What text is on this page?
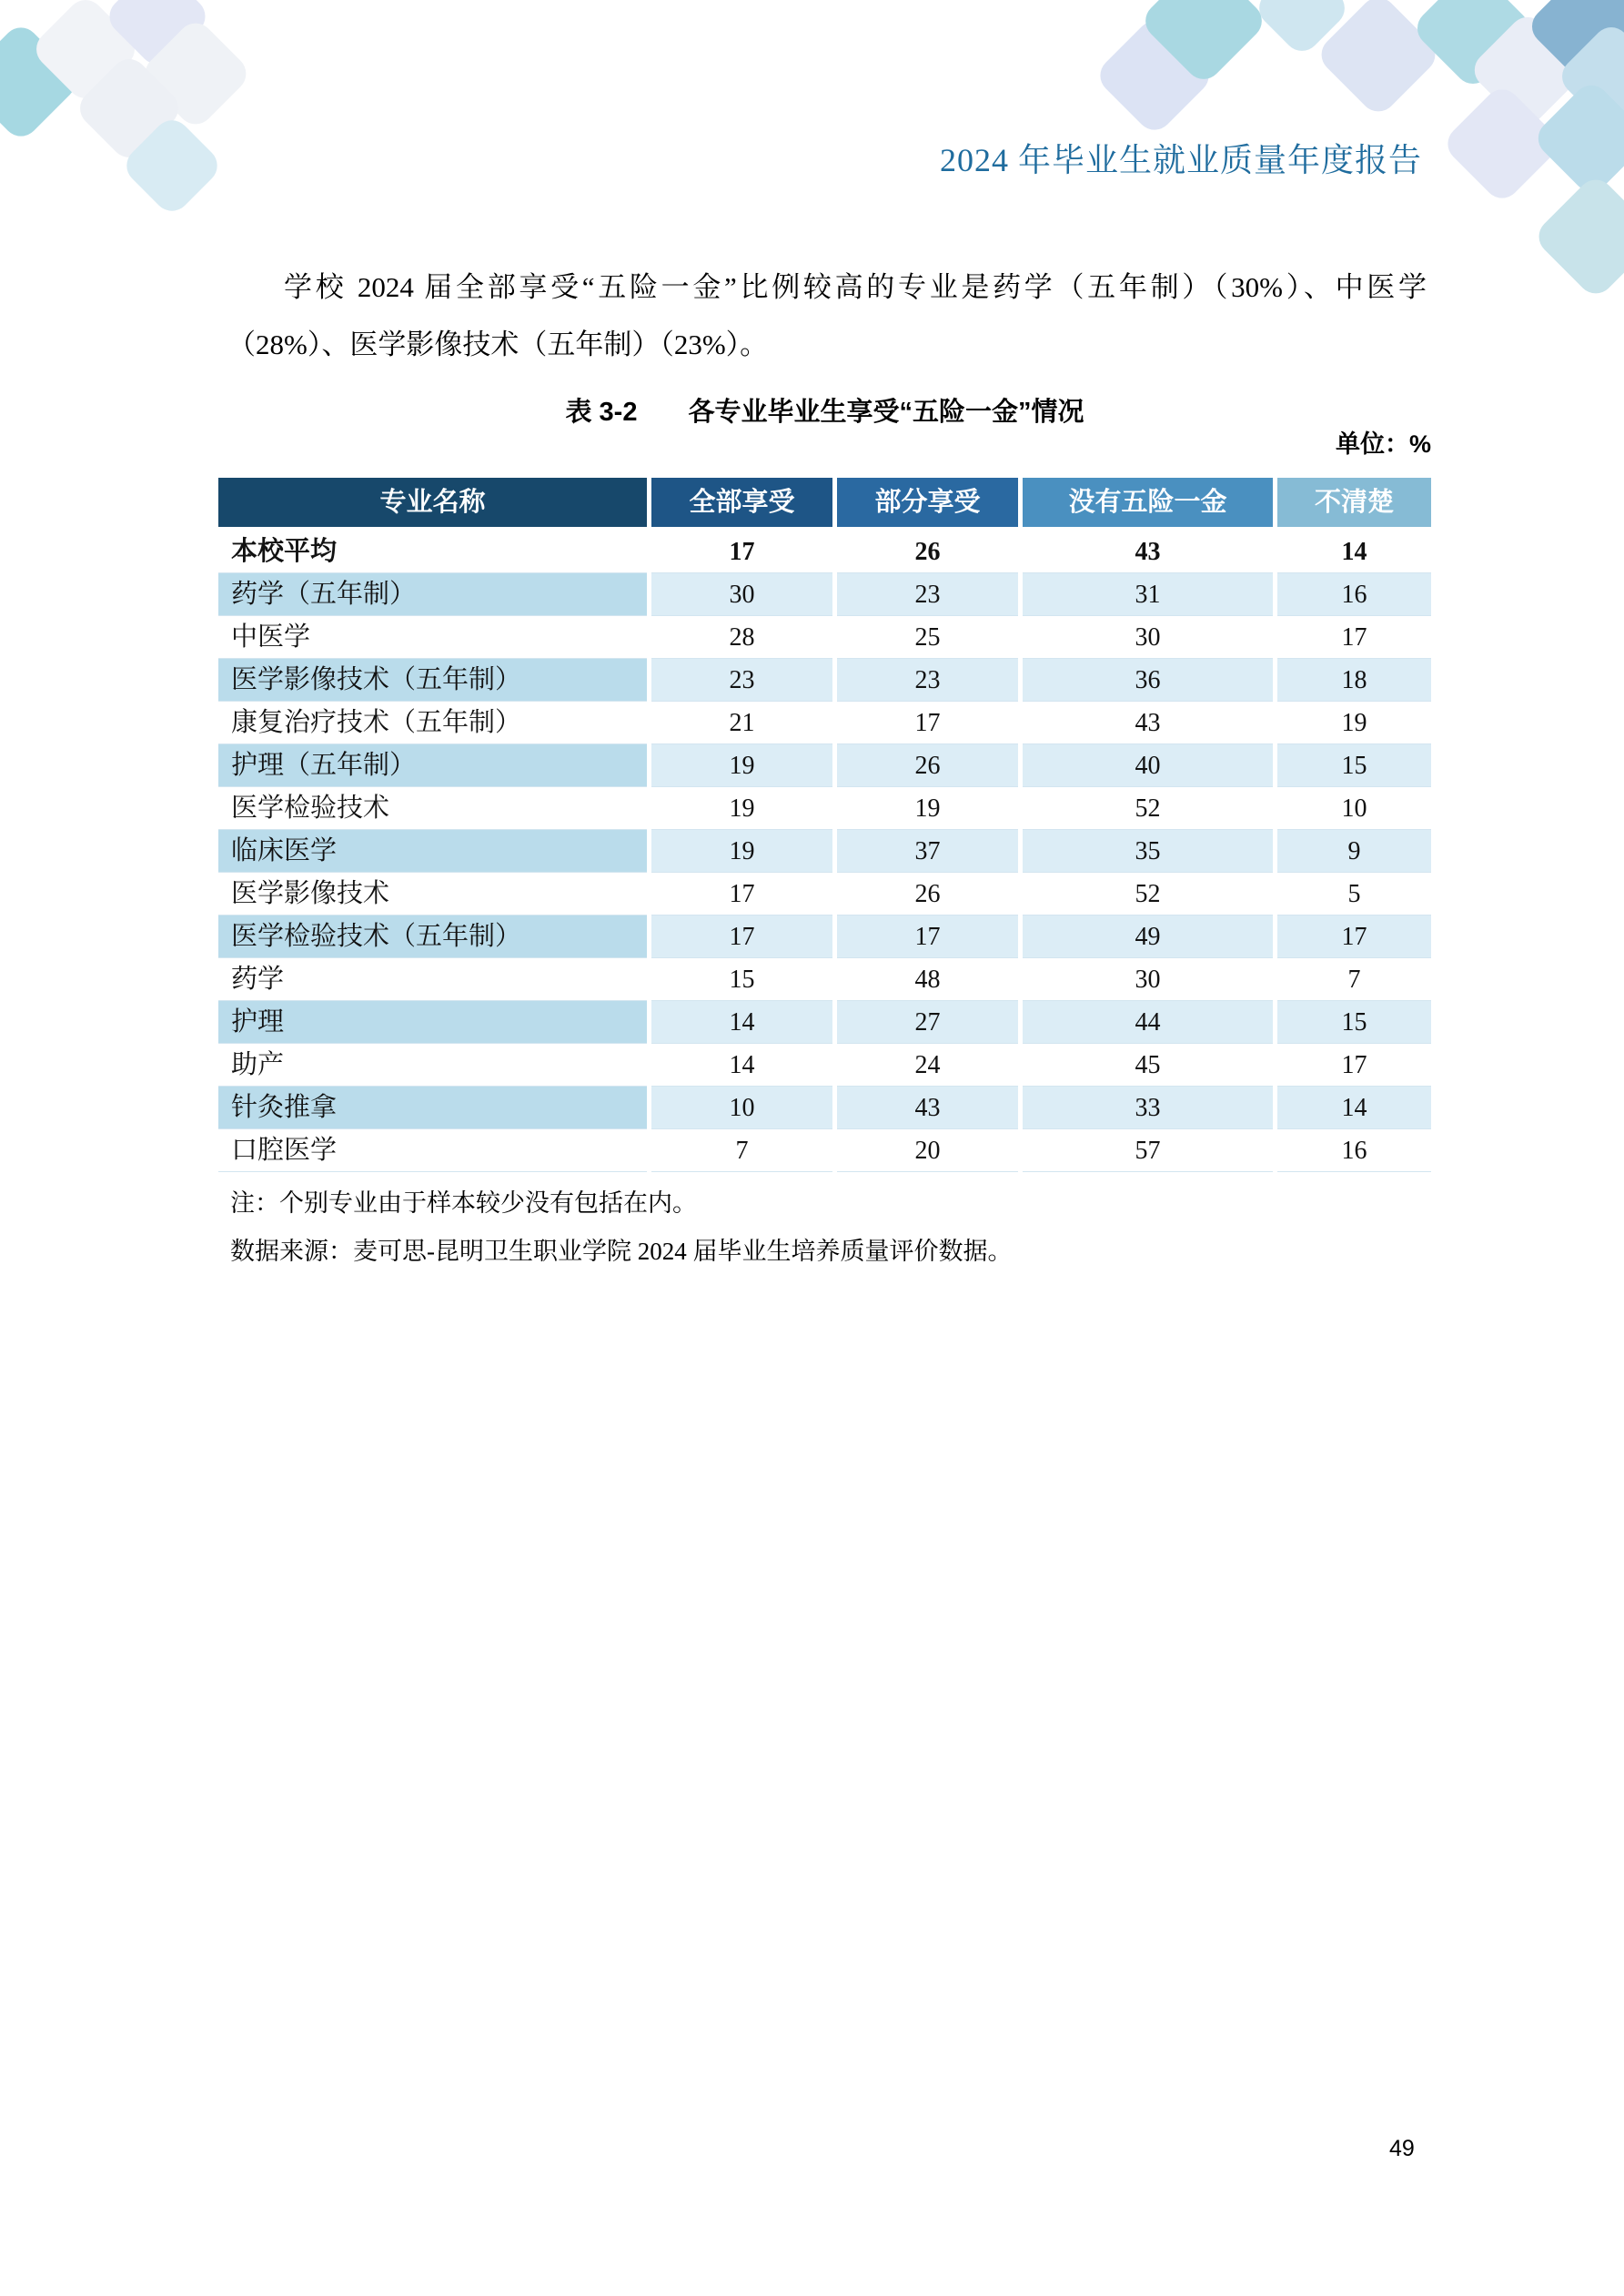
2024 年毕业生就业质量年度报告

学校 2024 届全部享受“五险一金”比例较高的专业是药学（五年制）（30%）、中医学（28%）、医学影像技术（五年制）（23%）。

表 3-2 各专业毕业生享受“五险一金”情况
单位：%
专业名称	全部享受	部分享受	没有五险一金	不清楚
本校平均	17	26	43	14
药学（五年制）	30	23	31	16
中医学	28	25	30	17
医学影像技术（五年制）	23	23	36	18
康复治疗技术（五年制）	21	17	43	19
护理（五年制）	19	26	40	15
医学检验技术	19	19	52	10
临床医学	19	37	35	9
医学影像技术	17	26	52	5
医学检验技术（五年制）	17	17	49	17
药学	15	48	30	7
护理	14	27	44	15
助产	14	24	45	17
针灸推拿	10	43	33	14
口腔医学	7	20	57	16
注：个别专业由于样本较少没有包括在内。
数据来源：麦可思-昆明卫生职业学院 2024 届毕业生培养质量评价数据。
49
